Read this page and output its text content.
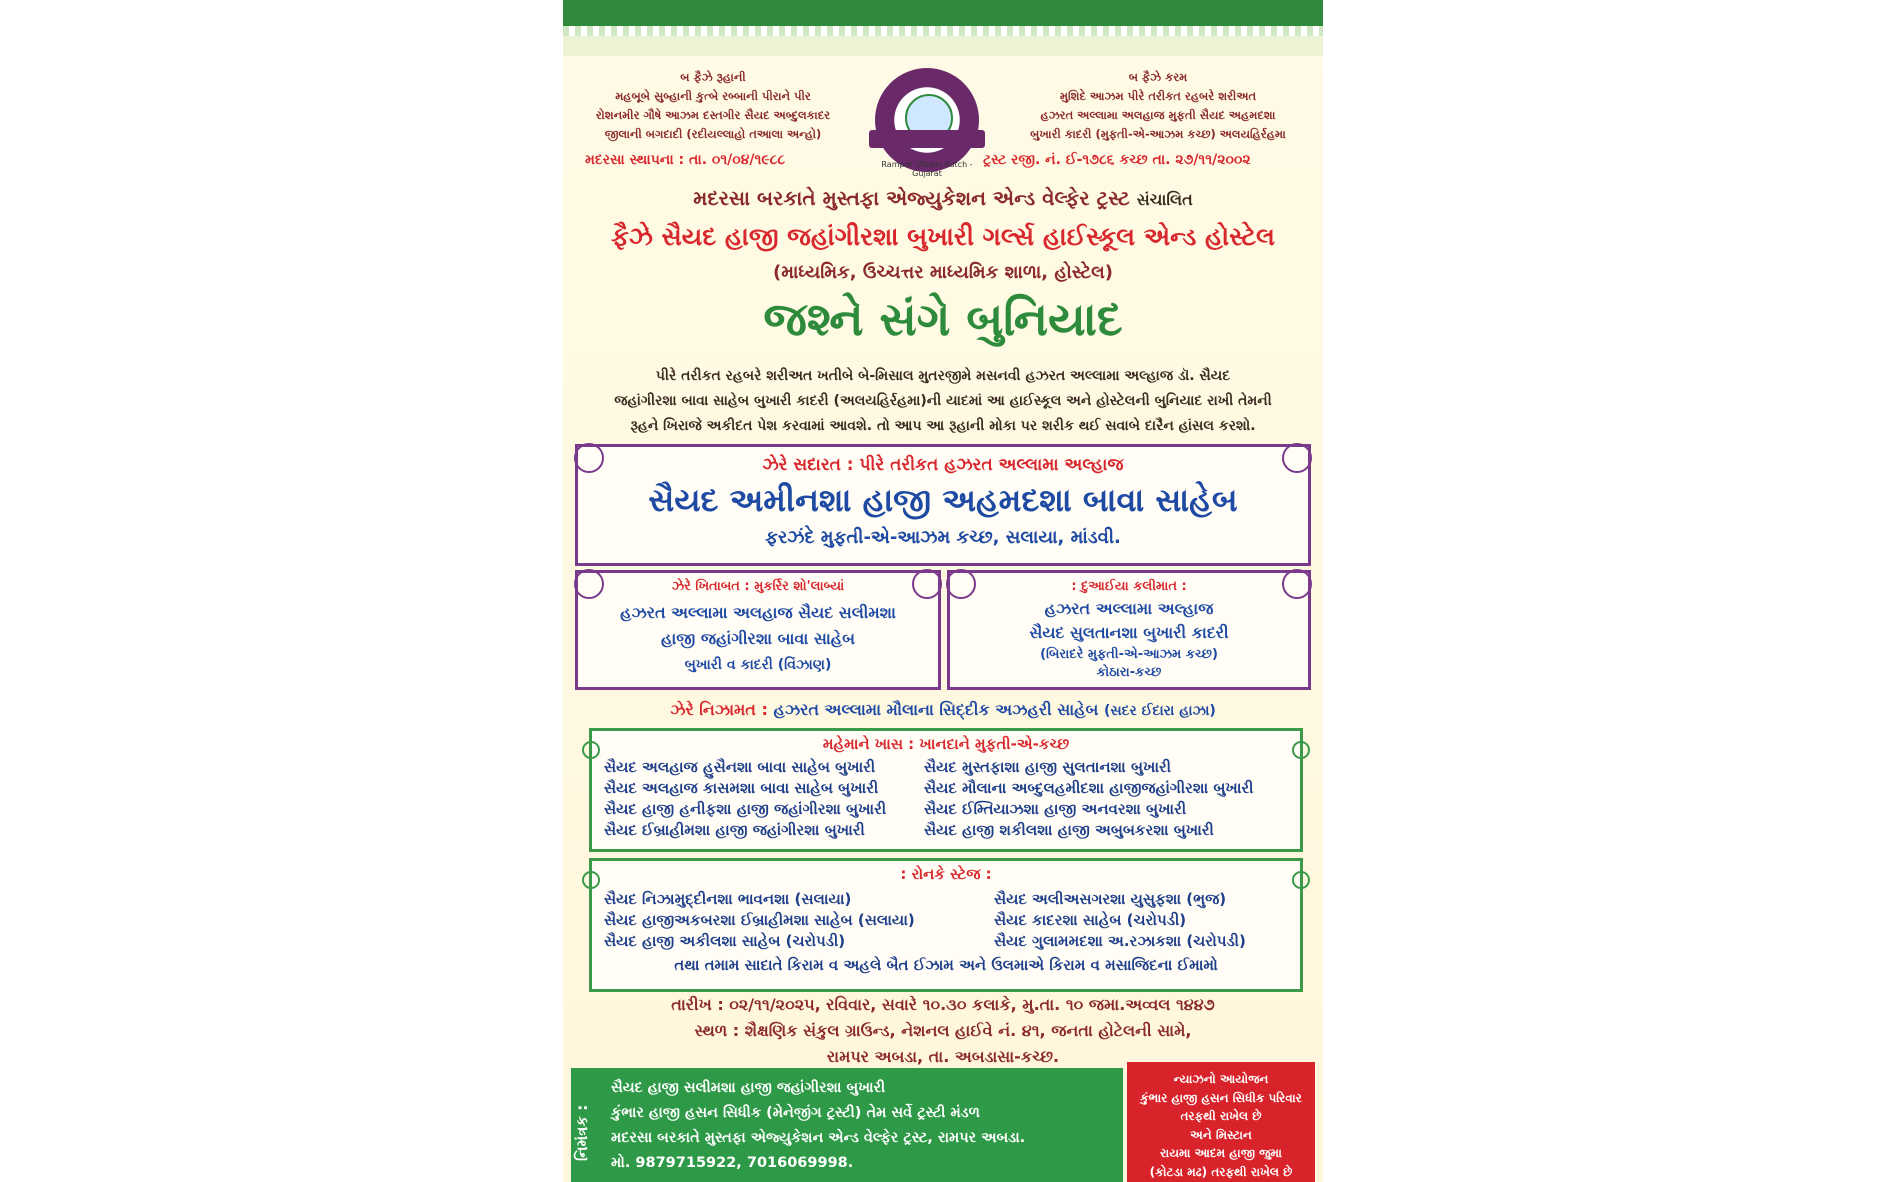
બ ફૈઝે રૂહાની
મહબૂબે સુબ્હાની કુત્બે રબ્બાની પીરાને પીર
રોશનમીર ગૌષે આઝમ દસ્તગીર સૈયદ અબ્દુલકાદર
જીલાની બગદાદી (રદીયલ્લાહો તઆલા અન્હો)
Rampar (Abda) Kutch -Gujarat
બ ફૈઝે કરમ
મુશિદે આઝમ પીરે તરીકત રહબરે શરીઅત
હઝરત અલ્લામા અલહાજ મુફતી સૈયદ અહમદશા
બુખારી કાદરી (મુફતી-એ-આઝમ કચ્છ) અલયહિર્રહમા
મદરસા સ્થાપના : તા. ૦૧/૦૪/૧૯૮૮	ટ્રસ્ટ રજી. નં. ઈ-૧૭૮૬ કચ્છ તા. ૨૭/૧૧/૨૦૦૨
મદરસા બરકાતે મુસ્તફા એજ્યુકેશન એન્ડ વેલ્ફેર ટ્રસ્ટ સંચાલિત
ફૈઝે સૈયદ હાજી જહાંગીરશા બુખારી ગર્લ્સ હાઈસ્કૂલ એન્ડ હોસ્ટેલ
(માધ્યમિક, ઉચ્ચત્તર માધ્યમિક શાળા, હોસ્ટેલ)
જશ્ને સંગે બુનિયાદ
પીરે તરીકત રહબરે શરીઅત ખતીબે બે-મિસાલ મુતરજીમે મસનવી હઝરત અલ્લામા અલ્હાજ ડૉ. સૈયદ
જહાંગીરશા બાવા સાહેબ બુખારી કાદરી (અલયહિર્રહમા)ની યાદમાં આ હાઈસ્કૂલ અને હોસ્ટેલની બુનિયાદ રાખી તેમની
રૂહને ખિરાજે અકીદત પેશ કરવામાં આવશે. તો આપ આ રૂહાની મોકા પર શરીક થઈ સવાબે દારૈન હાંસલ કરશો.
ઝેરે સદારત : પીરે તરીકત હઝરત અલ્લામા અલ્હાજ
સૈયદ અમીનશા હાજી અહમદશા બાવા સાહેબ
ફરઝંદે મુફતી-એ-આઝમ કચ્છ, સલાયા, માંડવી.
ઝેરે ખિતાબત : મુકર્રિર શો'લાબ્યાં
હઝરત અલ્લામા અલહાજ સૈયદ સલીમશા
હાજી જહાંગીરશા બાવા સાહેબ
બુખારી વ કાદરી (વિંઝાણ)
: દુઆઈયા કલીમાત :
હઝરત અલ્લામા અલ્હાજ
સૈયદ સુલતાનશા બુખારી કાદરી
(બિરાદરે મુફતી-એ-આઝમ કચ્છ)
કોઠારા-કચ્છ
ઝેરે નિઝામત : હઝરત અલ્લામા મૌલાના સિદ્દીક અઝહરી સાહેબ (સદર ઈદારા હાઝા)
મહેમાને ખાસ : ખાનદાને મુફતી-એ-કચ્છ
સૈયદ અલહાજ હુસૈનશા બાવા સાહેબ બુખારી
સૈયદ અલહાજ કાસમશા બાવા સાહેબ બુખારી
સૈયદ હાજી હનીફશા હાજી જહાંગીરશા બુખારી
સૈયદ ઈબ્રાહીમશા હાજી જહાંગીરશા બુખારી
સૈયદ મુસ્તફાશા હાજી સુલતાનશા બુખારી
સૈયદ મૌલાના અબ્દુલહમીદશા હાજીજહાંગીરશા બુખારી
સૈયદ ઈમ્તિયાઝશા હાજી અનવરશા બુખારી
સૈયદ હાજી શકીલશા હાજી અબુબકરશા બુખારી
: રોનકે સ્ટેજ :
સૈયદ નિઝામુદ્દીનશા ભાવનશા (સલાયા)
સૈયદ હાજીઅકબરશા ઈબ્રાહીમશા સાહેબ (સલાયા)
સૈયદ હાજી અકીલશા સાહેબ (ચરોપડી)
સૈયદ અલીઅસગરશા યુસુફશા (ભુજ)
સૈયદ કાદરશા સાહેબ (ચરોપડી)
સૈયદ ગુલામમદશા અ.રઝાકશા (ચરોપડી)
તથા તમામ સાદાતે કિરામ વ અહલે બૈત ઈઝામ અને ઉલમાએ કિરામ વ મસાજિદના ઈમામો
તારીખ : ૦૨/૧૧/૨૦૨૫, રવિવાર, સવારે ૧૦.૩૦ કલાકે, મુ.તા. ૧૦ જમા.અવ્વલ ૧૪૪૭
સ્થળ : શૈક્ષણિક સંકુલ ગ્રાઉન્ડ, નેશનલ હાઈવે નં. ૪૧, જનતા હોટેલની સામે,
રામપર અબડા, તા. અબડાસા-કચ્છ.
નિમંત્રક :
સૈયદ હાજી સલીમશા હાજી જહાંગીરશા બુખારી
કુંભાર હાજી હસન સિધીક (મેનેજીંગ ટ્રસ્ટી) તેમ સર્વે ટ્રસ્ટી મંડળ
મદરસા બરકાતે મુસ્તફા એજ્યુકેશન એન્ડ વેલ્ફેર ટ્રસ્ટ, રામપર અબડા.
મો. 9879715922, 7016069998.
ન્યાઝનો આયોજન
કુંભાર હાજી હસન સિધીક પરિવાર
તરફથી રાખેલ છે
અને મિસ્ટાન
રાયમા આદમ હાજી જુમા
(કોટડા મઢ) તરફથી રાખેલ છે
